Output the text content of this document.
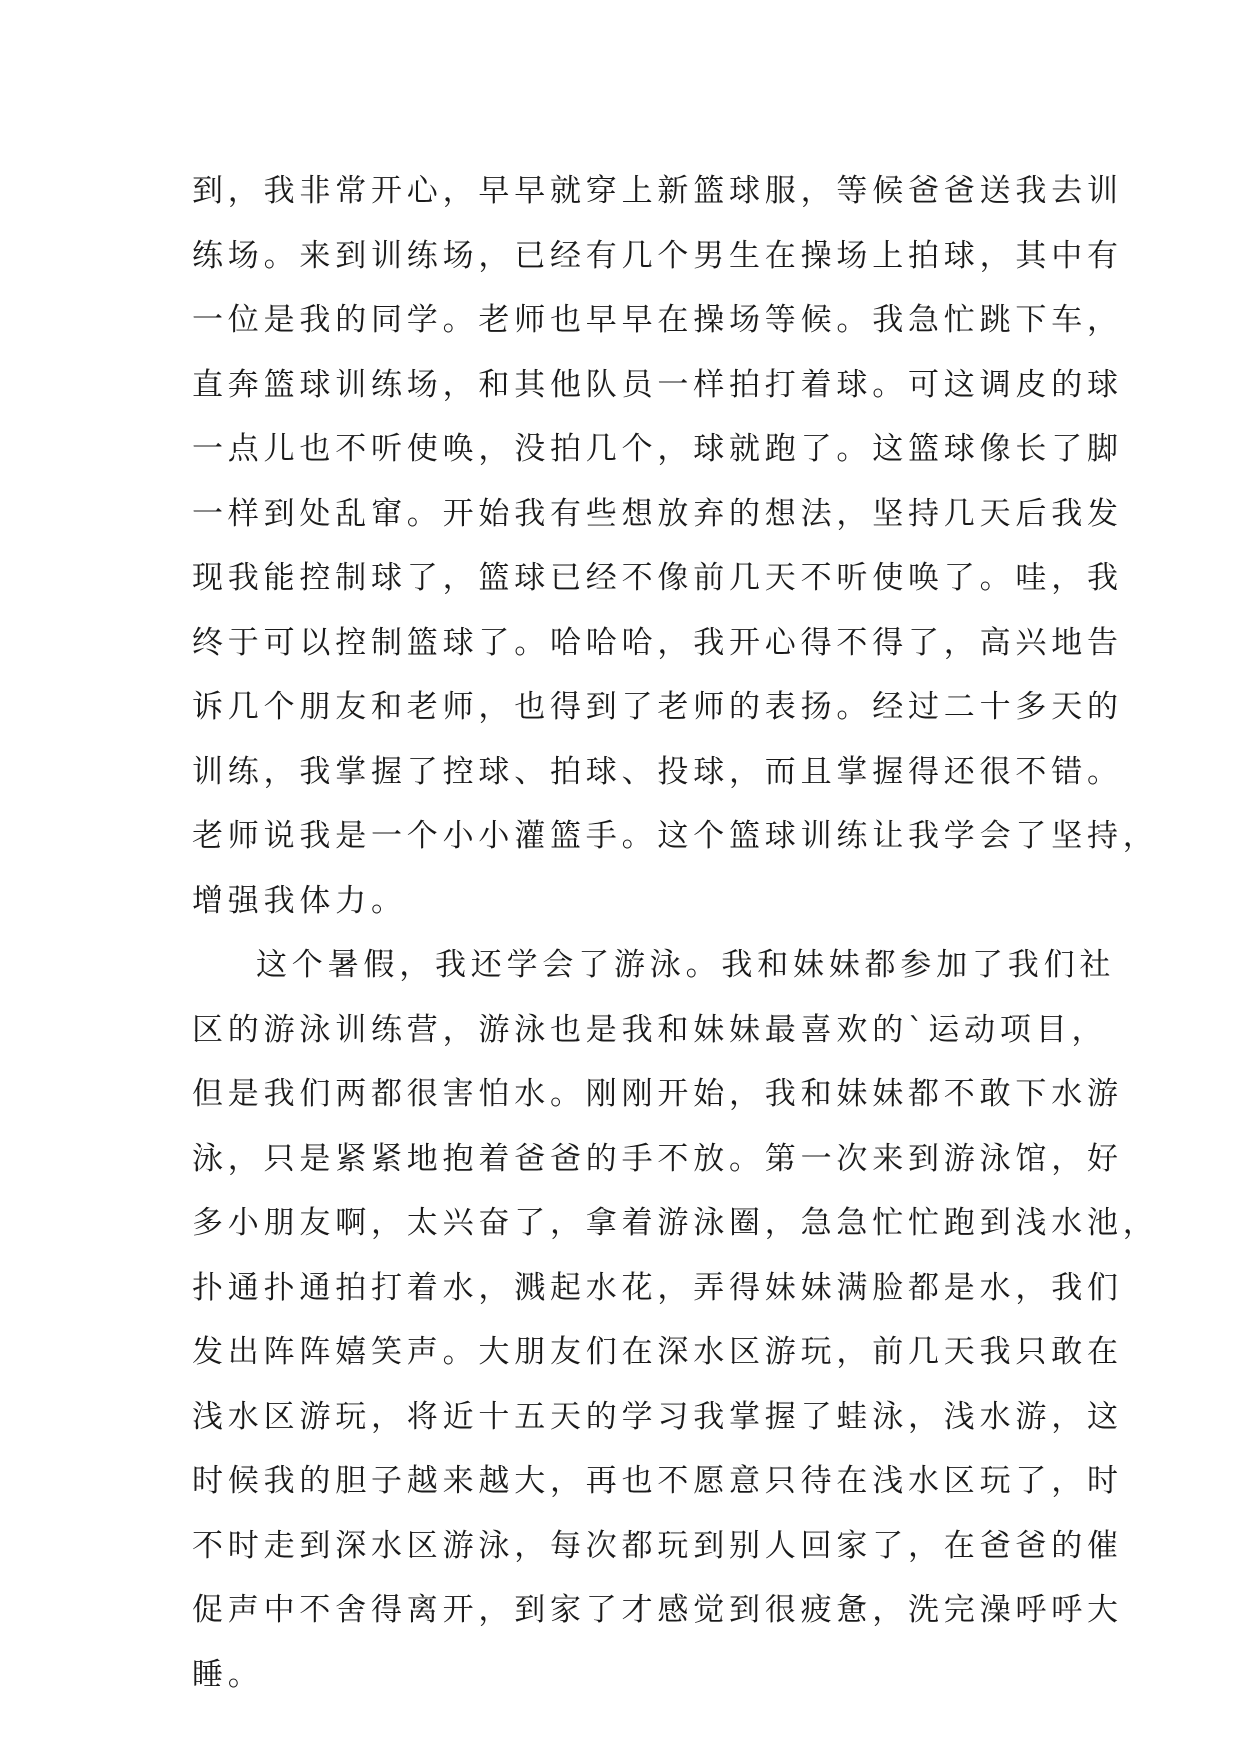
到，我非常开心，早早就穿上新篮球服，等候爸爸送我去训
练场。来到训练场，已经有几个男生在操场上拍球，其中有
一位是我的同学。老师也早早在操场等候。我急忙跳下车，
直奔篮球训练场，和其他队员一样拍打着球。可这调皮的球
一点儿也不听使唤，没拍几个，球就跑了。这篮球像长了脚
一样到处乱窜。开始我有些想放弃的想法，坚持几天后我发
现我能控制球了，篮球已经不像前几天不听使唤了。哇，我
终于可以控制篮球了。哈哈哈，我开心得不得了，高兴地告
诉几个朋友和老师，也得到了老师的表扬。经过二十多天的
训练，我掌握了控球、拍球、投球，而且掌握得还很不错。
老师说我是一个小小灌篮手。这个篮球训练让我学会了坚持，
增强我体力。
这个暑假，我还学会了游泳。我和妹妹都参加了我们社
区的游泳训练营，游泳也是我和妹妹最喜欢的`运动项目，
但是我们两都很害怕水。刚刚开始，我和妹妹都不敢下水游
泳，只是紧紧地抱着爸爸的手不放。第一次来到游泳馆，好
多小朋友啊，太兴奋了，拿着游泳圈，急急忙忙跑到浅水池，
扑通扑通拍打着水，溅起水花，弄得妹妹满脸都是水，我们
发出阵阵嬉笑声。大朋友们在深水区游玩，前几天我只敢在
浅水区游玩，将近十五天的学习我掌握了蛙泳，浅水游，这
时候我的胆子越来越大，再也不愿意只待在浅水区玩了，时
不时走到深水区游泳，每次都玩到别人回家了，在爸爸的催
促声中不舍得离开，到家了才感觉到很疲惫，洗完澡呼呼大
睡。
